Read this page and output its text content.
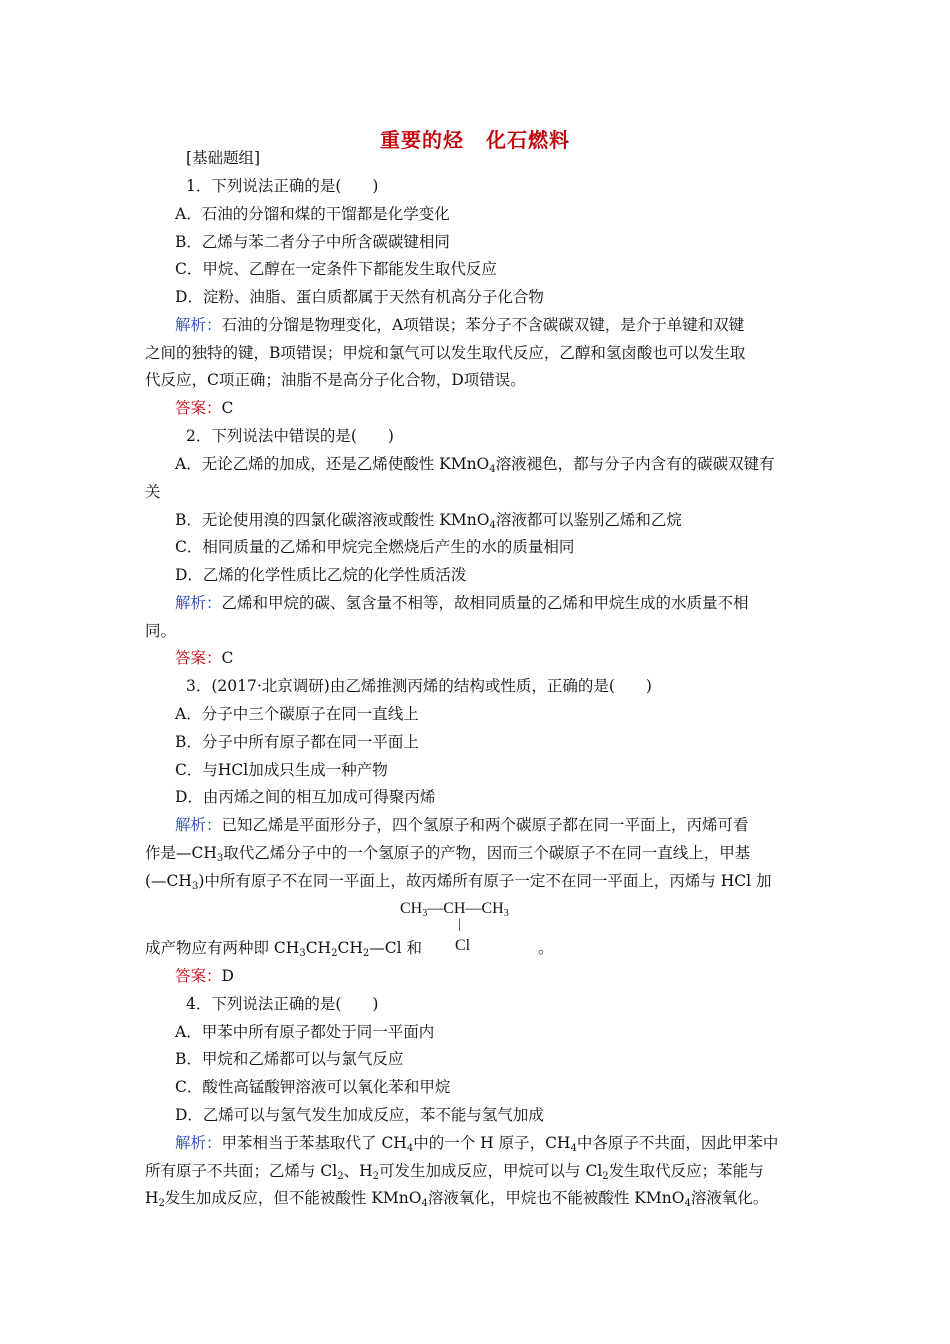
重要的烃 化石燃料
[基础题组]
1．下列说法正确的是(　　)
A．石油的分馏和煤的干馏都是化学变化
B．乙烯与苯二者分子中所含碳碳键相同
C．甲烷、乙醇在一定条件下都能发生取代反应
D．淀粉、油脂、蛋白质都属于天然有机高分子化合物
解析：石油的分馏是物理变化，A项错误；苯分子不含碳碳双键，是介于单键和双键
之间的独特的键，B项错误；甲烷和氯气可以发生取代反应，乙醇和氢卤酸也可以发生取
代反应，C项正确；油脂不是高分子化合物，D项错误。
答案：C
2．下列说法中错误的是(　　)
A．无论乙烯的加成，还是乙烯使酸性 KMnO$_4$溶液褪色，都与分子内含有的碳碳双键有
关
B．无论使用溴的四氯化碳溶液或酸性 KMnO$_4$溶液都可以鉴别乙烯和乙烷
C．相同质量的乙烯和甲烷完全燃烧后产生的水的质量相同
D．乙烯的化学性质比乙烷的化学性质活泼
解析：乙烯和甲烷的碳、氢含量不相等，故相同质量的乙烯和甲烷生成的水质量不相
同。
答案：C
3．(2017·北京调研)由乙烯推测丙烯的结构或性质，正确的是(　　)
A．分子中三个碳原子在同一直线上
B．分子中所有原子都在同一平面上
C．与HCl加成只生成一种产物
D．由丙烯之间的相互加成可得聚丙烯
解析：已知乙烯是平面形分子，四个氢原子和两个碳原子都在同一平面上，丙烯可看
作是$—CH_3$取代乙烯分子中的一个氢原子的产物，因而三个碳原子不在同一直线上，甲基
$(—CH_3)$中所有原子不在同一平面上，故丙烯所有原子一定不在同一平面上，丙烯与 HCl 加
$CH_3—CH—CH_3$
|
Cl
成产物应有两种即 $CH_3CH_2CH_2—Cl$ 和	。
答案：D
4．下列说法正确的是(　　)
A．甲苯中所有原子都处于同一平面内
B．甲烷和乙烯都可以与氯气反应
C．酸性高锰酸钾溶液可以氧化苯和甲烷
D．乙烯可以与氢气发生加成反应，苯不能与氢气加成
解析：甲苯相当于苯基取代了 $CH_4$中的一个 H 原子，$CH_4$中各原子不共面，因此甲苯中
所有原子不共面；乙烯与 $Cl_2$、$H_2$可发生加成反应，甲烷可以与 $Cl_2$发生取代反应；苯能与
$H_2$发生加成反应，但不能被酸性 KMnO$_4$溶液氧化，甲烷也不能被酸性 KMnO$_4$溶液氧化。
